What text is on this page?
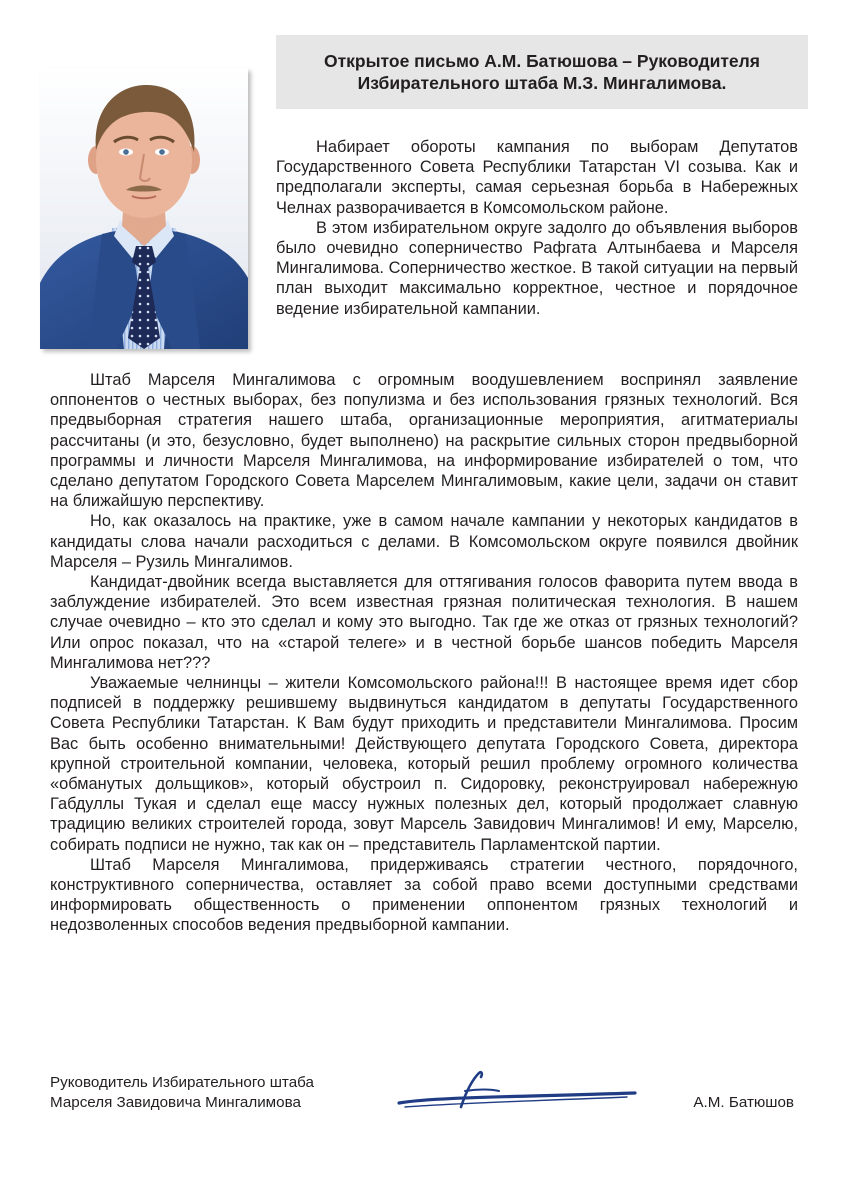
Открытое письмо А.М. Батюшова – Руководителя
Избирательного штаба М.З. Мингалимова.

Набирает обороты кампания по выборам Депутатов Государственного Совета Республики Татарстан VI созыва. Как и предполагали эксперты, самая серьезная борьба в Набережных Челнах разворачивается в Комсомольском районе.

В этом избирательном округе задолго до объявления выборов было очевидно соперничество Рафгата Алтынбаева и Марселя Мингалимова. Соперничество жесткое. В такой ситуации на первый план выходит максимально корректное, честное и порядочное ведение избирательной кампании.

Штаб Марселя Мингалимова с огромным воодушевлением воспринял заявление оппонентов о честных выборах, без популизма и без использования грязных технологий. Вся предвыборная стратегия нашего штаба, организационные мероприятия, агитматериалы рассчитаны (и это, безусловно, будет выполнено) на раскрытие сильных сторон предвыборной программы и личности Марселя Мингалимова, на информирование избирателей о том, что сделано депутатом Городского Совета Марселем Мингалимовым, какие цели, задачи он ставит на ближайшую перспективу.

Но, как оказалось на практике, уже в самом начале кампании у некоторых кандидатов в кандидаты слова начали расходиться с делами. В Комсомольском округе появился двойник Марселя – Рузиль Мингалимов.

Кандидат-двойник всегда выставляется для оттягивания голосов фаворита путем ввода в заблуждение избирателей. Это всем известная грязная политическая технология. В нашем случае очевидно – кто это сделал и кому это выгодно. Так где же отказ от грязных технологий? Или опрос показал, что на «старой телеге» и в честной борьбе шансов победить Марселя Мингалимова нет???

Уважаемые челнинцы – жители Комсомольского района!!! В настоящее время идет сбор подписей в поддержку решившему выдвинуться кандидатом в депутаты Государственного Совета Республики Татарстан. К Вам будут приходить и представители Мингалимова. Просим Вас быть особенно внимательными! Действующего депутата Городского Совета, директора крупной строительной компании, человека, который решил проблему огромного количества «обманутых дольщиков», который обустроил п. Сидоровку, реконструировал набережную Габдуллы Тукая и сделал еще массу нужных полезных дел, который продолжает славную традицию великих строителей города, зовут Марсель Завидович Мингалимов! И ему, Марселю, собирать подписи не нужно, так как он – представитель Парламентской партии.

Штаб Марселя Мингалимова, придерживаясь стратегии честного, порядочного, конструктивного соперничества, оставляет за собой право всеми доступными средствами информировать общественность о применении оппонентом грязных технологий и недозволенных способов ведения предвыборной кампании.

Руководитель Избирательного штаба
Марселя Завидовича Мингалимова	А.М. Батюшов
